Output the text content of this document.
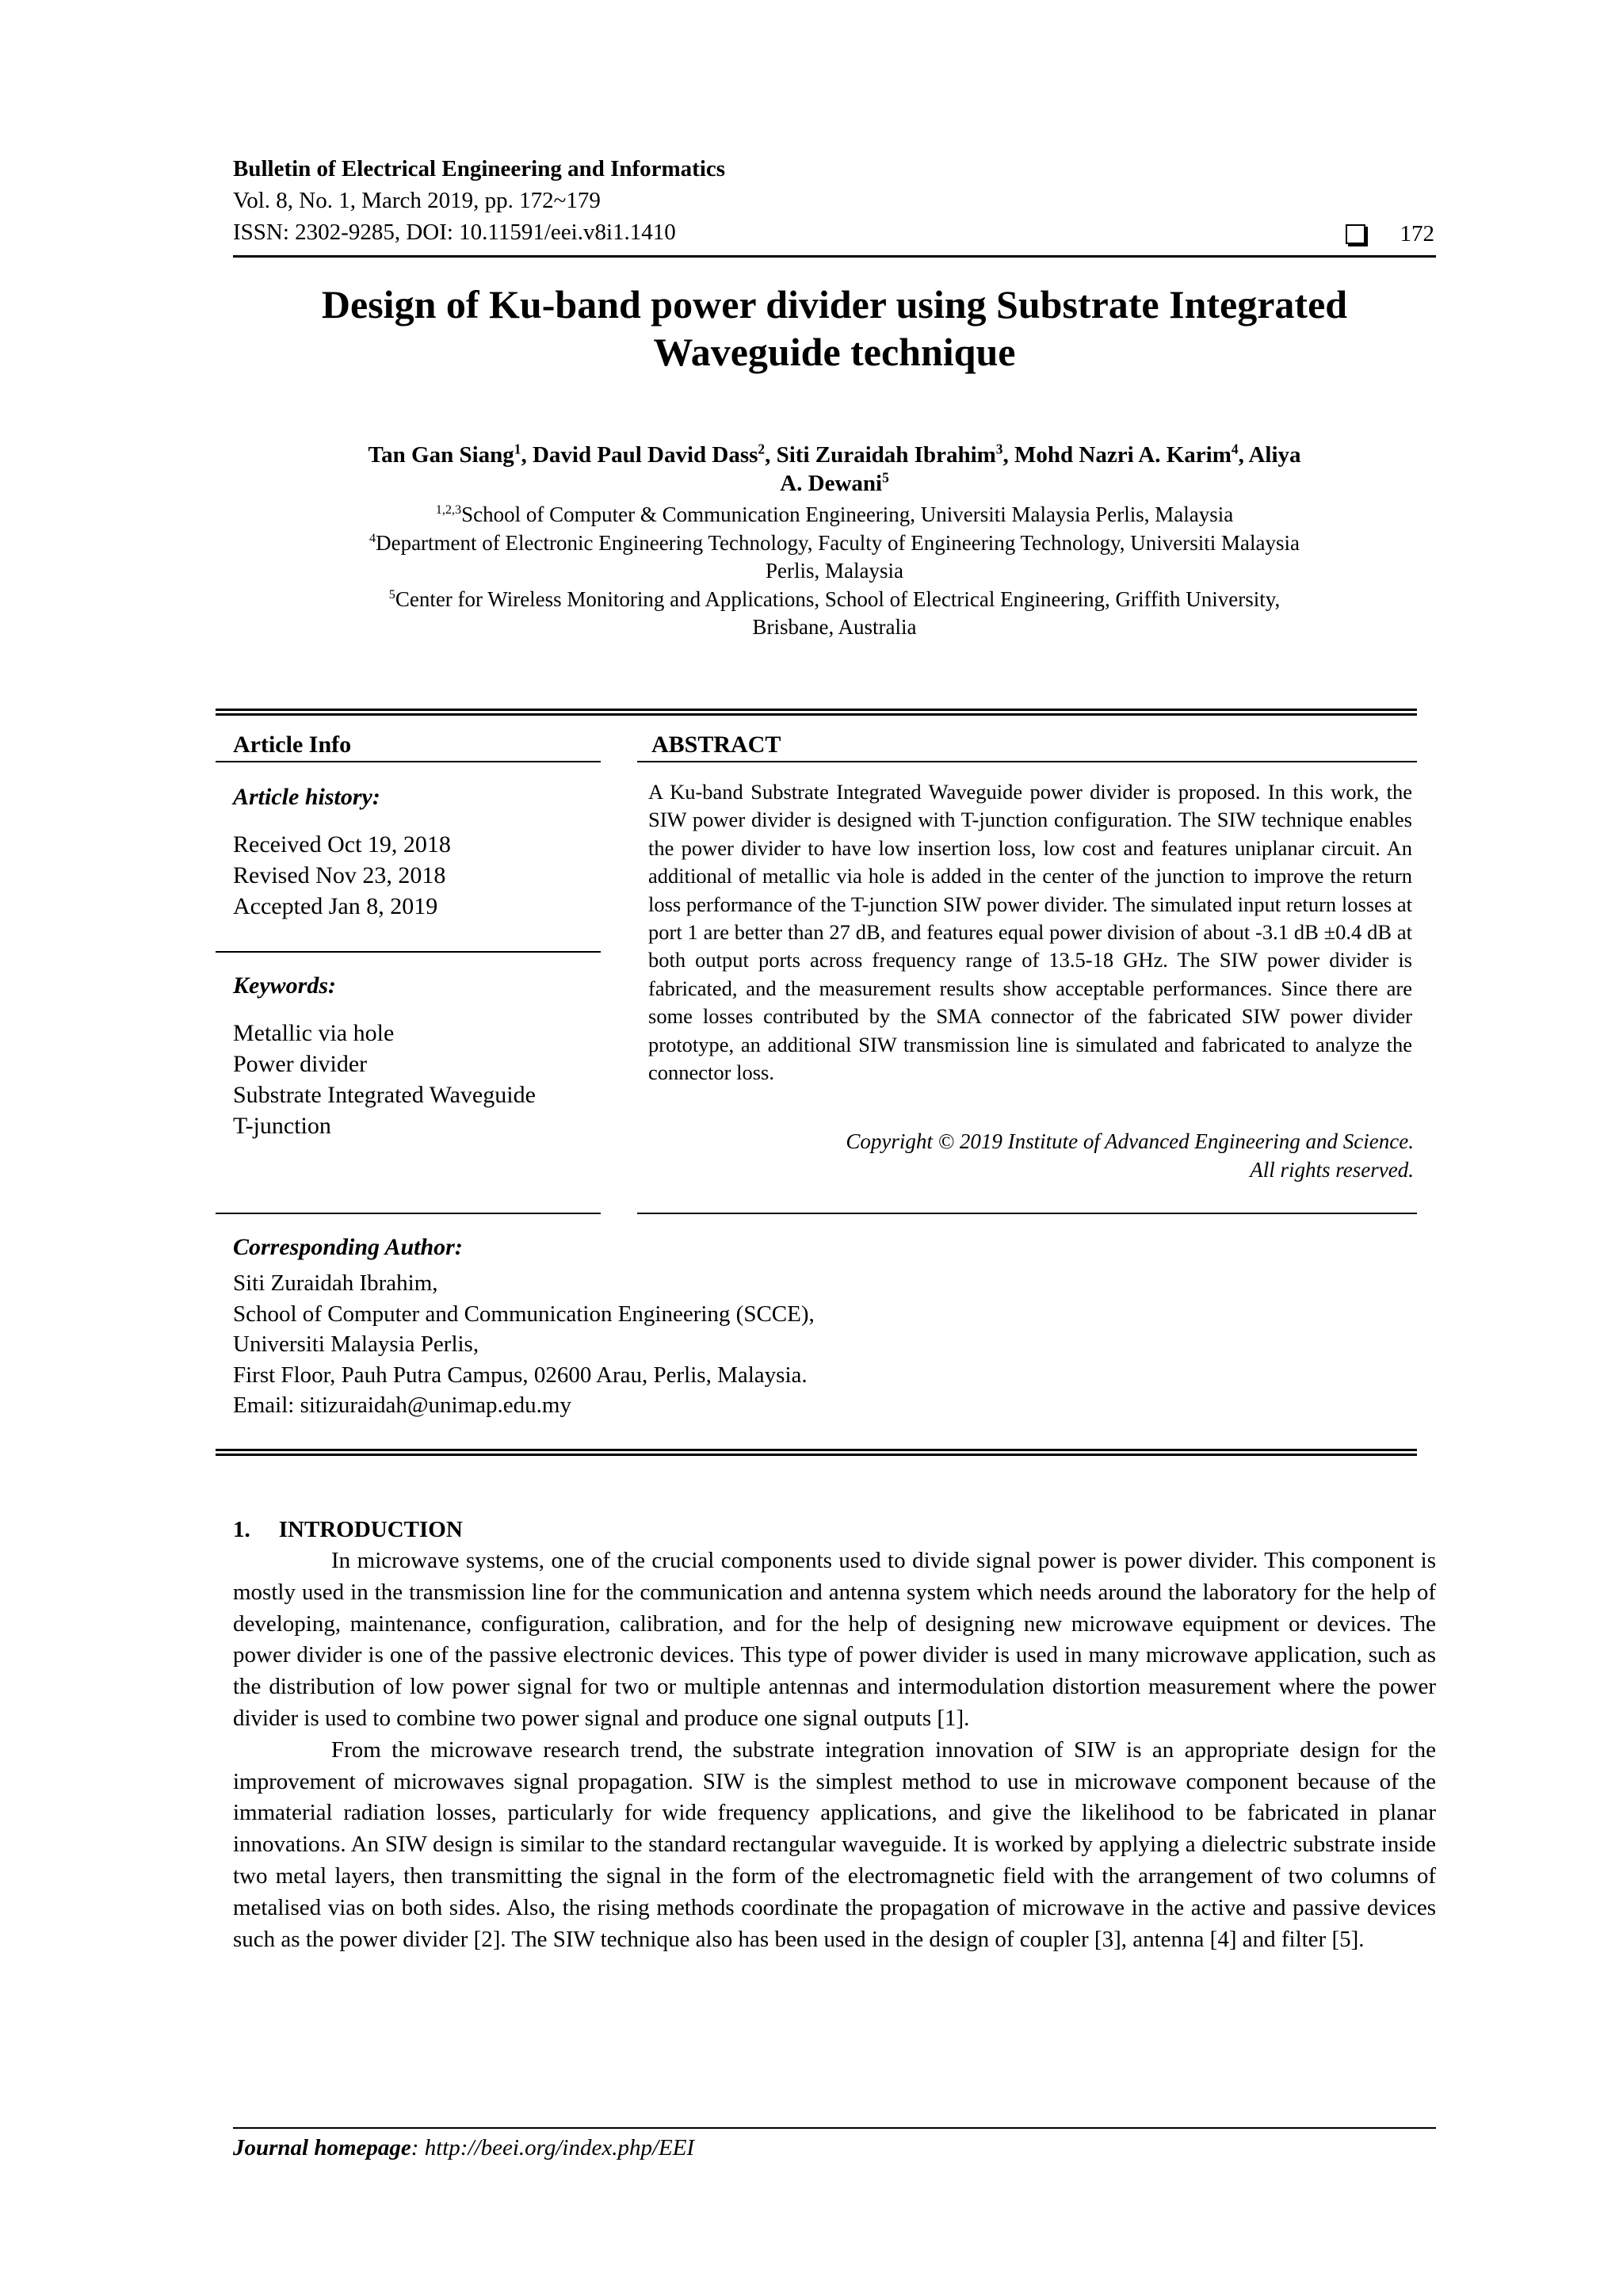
Bulletin of Electrical Engineering and Informatics
Vol. 8, No. 1, March 2019, pp. 172~179
ISSN: 2302-9285, DOI: 10.11591/eei.v8i1.1410	172
Design of Ku-band power divider using Substrate Integrated
Waveguide technique
Tan Gan Siang$^1$, David Paul David Dass$^2$, Siti Zuraidah Ibrahim$^3$, Mohd Nazri A. Karim$^4$, Aliya
A. Dewani$^5$
$^{1,2,3}$School of Computer & Communication Engineering, Universiti Malaysia Perlis, Malaysia
$^4$Department of Electronic Engineering Technology, Faculty of Engineering Technology, Universiti Malaysia
Perlis, Malaysia
$^5$Center for Wireless Monitoring and Applications, School of Electrical Engineering, Griffith University,
Brisbane, Australia
Article Info
Article history:
Received Oct 19, 2018
Revised Nov 23, 2018
Accepted Jan 8, 2019
Keywords:
Metallic via hole
Power divider
Substrate Integrated Waveguide
T-junction
ABSTRACT
A Ku-band Substrate Integrated Waveguide power divider is proposed. In this work, the SIW power divider is designed with T-junction configuration. The SIW technique enables the power divider to have low insertion loss, low cost and features uniplanar circuit. An additional of metallic via hole is added in the center of the junction to improve the return loss performance of the T-junction SIW power divider. The simulated input return losses at port 1 are better than 27 dB, and features equal power division of about -3.1 dB ±0.4 dB at both output ports across frequency range of 13.5-18 GHz. The SIW power divider is fabricated, and the measurement results show acceptable performances. Since there are some losses contributed by the SMA connector of the fabricated SIW power divider prototype, an additional SIW transmission line is simulated and fabricated to analyze the connector loss.
Copyright © 2019 Institute of Advanced Engineering and Science.
All rights reserved.
Corresponding Author:
Siti Zuraidah Ibrahim,
School of Computer and Communication Engineering (SCCE),
Universiti Malaysia Perlis,
First Floor, Pauh Putra Campus, 02600 Arau, Perlis, Malaysia.
Email: sitizuraidah@unimap.edu.my
1. INTRODUCTION

In microwave systems, one of the crucial components used to divide signal power is power divider. This component is mostly used in the transmission line for the communication and antenna system which needs around the laboratory for the help of developing, maintenance, configuration, calibration, and for the help of designing new microwave equipment or devices. The power divider is one of the passive electronic devices. This type of power divider is used in many microwave application, such as the distribution of low power signal for two or multiple antennas and intermodulation distortion measurement where the power divider is used to combine two power signal and produce one signal outputs [1].

From the microwave research trend, the substrate integration innovation of SIW is an appropriate design for the improvement of microwaves signal propagation. SIW is the simplest method to use in microwave component because of the immaterial radiation losses, particularly for wide frequency applications, and give the likelihood to be fabricated in planar innovations. An SIW design is similar to the standard rectangular waveguide. It is worked by applying a dielectric substrate inside two metal layers, then transmitting the signal in the form of the electromagnetic field with the arrangement of two columns of metalised vias on both sides. Also, the rising methods coordinate the propagation of microwave in the active and passive devices such as the power divider [2]. The SIW technique also has been used in the design of coupler [3], antenna [4] and filter [5].

Journal homepage: http://beei.org/index.php/EEI
